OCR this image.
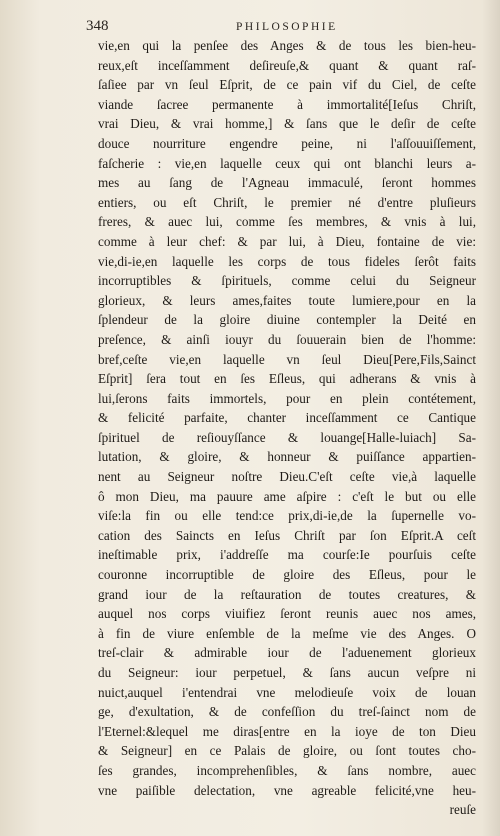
348	PHILOSOPHIE
vie,en qui la penſee des Anges & de tous les bien-heu-
reux,eſt inceſſamment deſireuſe,& quant & quant raſ-
ſaſiee par vn ſeul Eſprit, de ce pain vif du Ciel, de ceſte
viande ſacree permanente à immortalité[Ieſus Chriſt,
vrai Dieu, & vrai homme,] & ſans que le deſir de ceſte
douce nourriture engendre peine, ni l'aſſouuiſſement,
faſcherie : vie,en laquelle ceux qui ont blanchi leurs a-
mes au ſang de l'Agneau immaculé, ſeront hommes
entiers, ou eſt Chriſt, le premier né d'entre pluſieurs
freres, & auec lui, comme ſes membres, & vnis à lui,
comme à leur chef: & par lui, à Dieu, fontaine de vie:
vie,di-ie,en laquelle les corps de tous fideles ſerôt faits
incorruptibles & ſpirituels, comme celui du Seigneur
glorieux, & leurs ames,faites toute lumiere,pour en la
ſplendeur de la gloire diuine contempler la Deité en
preſence, & ainſi iouyr du ſouuerain bien de l'homme:
bref,ceſte vie,en laquelle vn ſeul Dieu[Pere,Fils,Sainct
Eſprit] ſera tout en ſes Eſleus, qui adherans & vnis à
lui,ſerons faits immortels, pour en plein contétement,
& felicité parfaite, chanter inceſſamment ce Cantique
ſpirituel de reſiouyſſance & louange[Halle-luiach] Sa-
lutation, & gloire, & honneur & puiſſance appartien-
nent au Seigneur noſtre Dieu.C'eſt ceſte vie,à laquelle
ô mon Dieu, ma pauure ame aſpire : c'eſt le but ou elle
viſe:la fin ou elle tend:ce prix,di-ie,de la ſupernelle vo-
cation des Saincts en Ieſus Chriſt par ſon Eſprit.A ceſt
ineſtimable prix, i'addreſſe ma courſe:Ie pourſuis ceſte
couronne incorruptible de gloire des Eſleus, pour le
grand iour de la reſtauration de toutes creatures, &
auquel nos corps viuifiez ſeront reunis auec nos ames,
à fin de viure enſemble de la meſme vie des Anges. O
treſ-clair & admirable iour de l'aduenement glorieux
du Seigneur: iour perpetuel, & ſans aucun veſpre ni
nuict,auquel i'entendrai vne melodieuſe voix de louan
ge, d'exultation, & de confeſſion du treſ-ſainct nom de
l'Eternel:&lequel me diras[entre en la ioye de ton Dieu
& Seigneur] en ce Palais de gloire, ou ſont toutes cho-
ſes grandes, incomprehenſibles, & ſans nombre, auec
vne paiſible delectation, vne agreable felicité,vne heu-
reuſe
